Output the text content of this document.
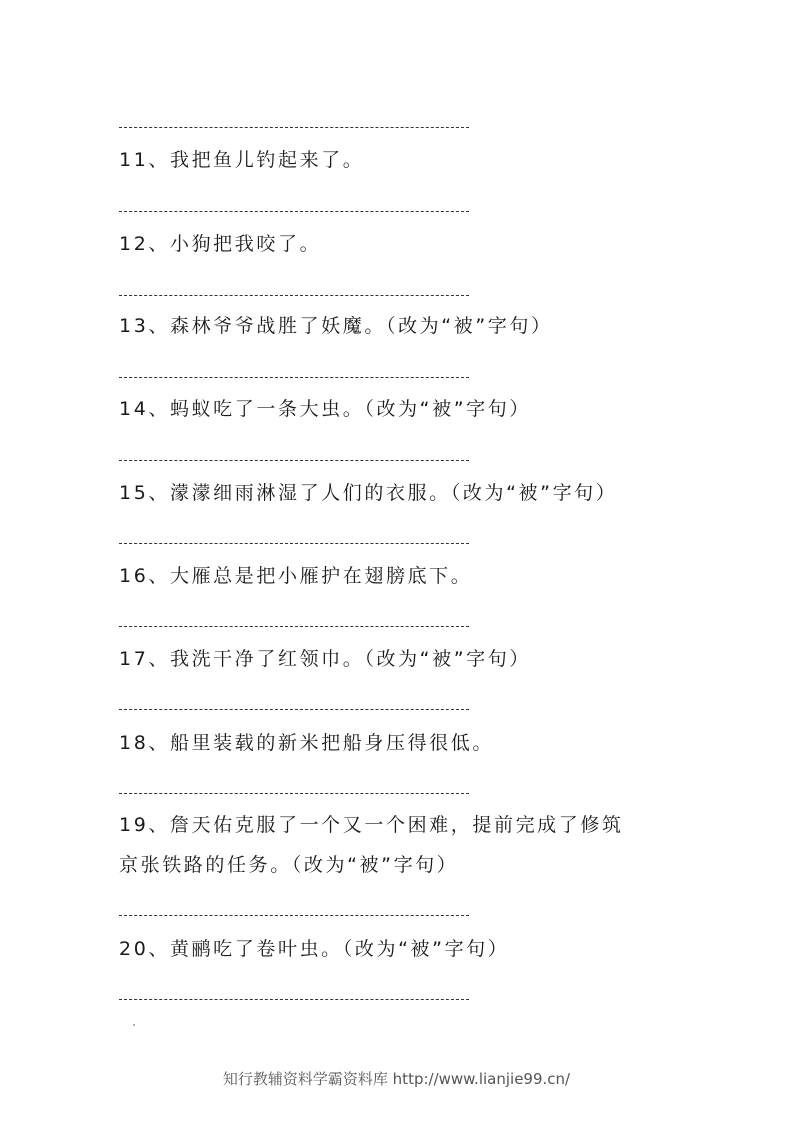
11、我把鱼儿钓起来了。
12、小狗把我咬了。
13、森林爷爷战胜了妖魔。（改为“被”字句）
14、蚂蚁吃了一条大虫。（改为“被”字句）
15、濛濛细雨淋湿了人们的衣服。（改为“被”字句）
16、大雁总是把小雁护在翅膀底下。
17、我洗干净了红领巾。（改为“被”字句）
18、船里装载的新米把船身压得很低。
19、詹天佑克服了一个又一个困难，提前完成了修筑
京张铁路的任务。（改为“被”字句）
20、黄鹂吃了卷叶虫。（改为“被”字句）
知行教辅资料学霸资料库 http://www.lianjie99.cn/
